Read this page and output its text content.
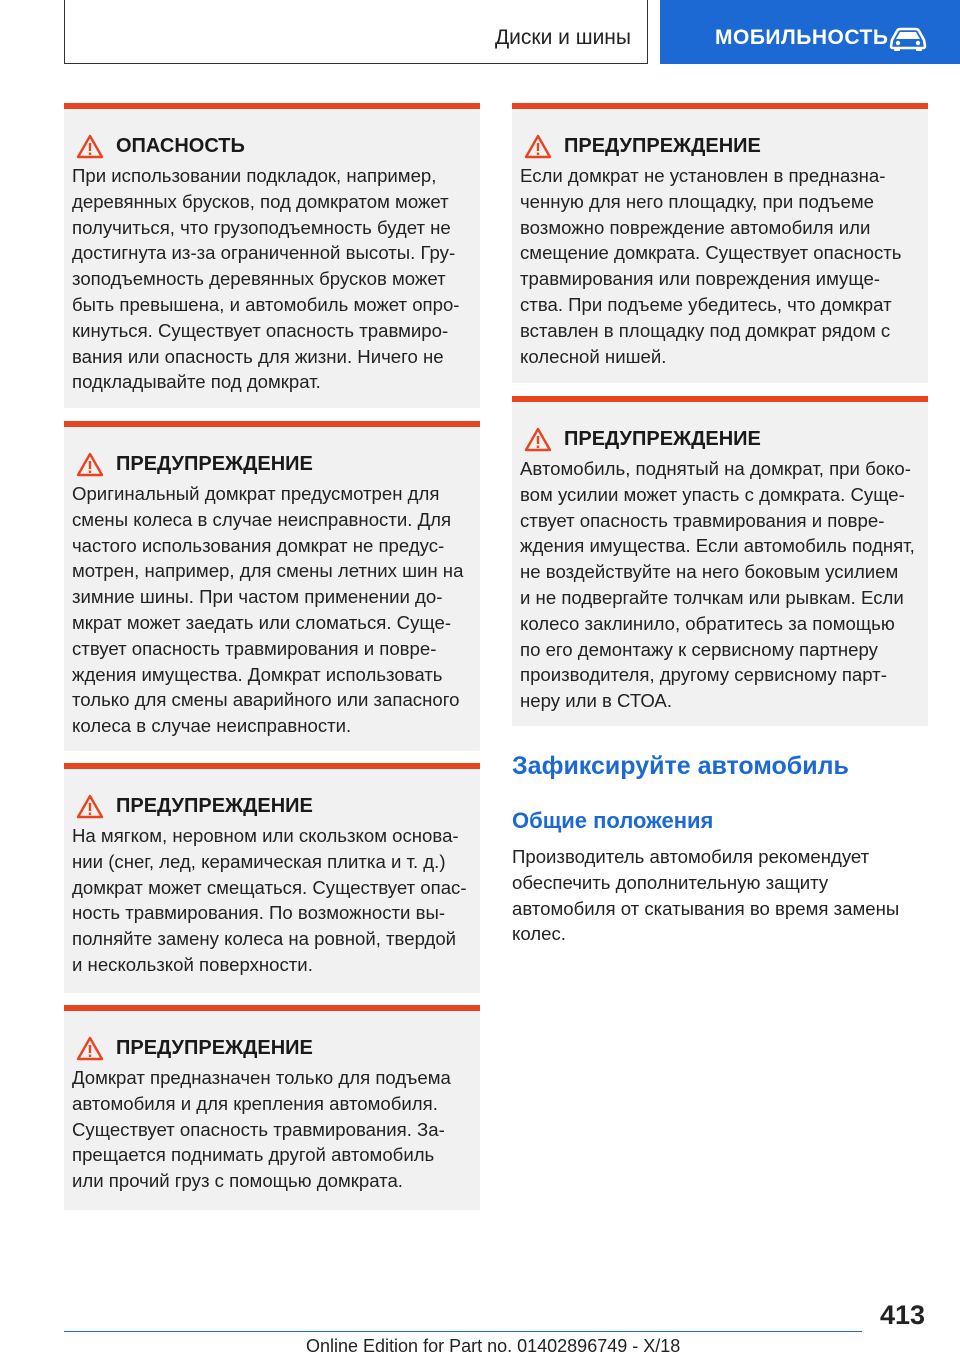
Диски и шины	МОБИЛЬНОСТЬ
ОПАСНОСТЬ
При использовании подкладок, например,
деревянных брусков, под домкратом может
получиться, что грузоподъемность будет не
достигнута из-за ограниченной высоты. Гру-
зоподъемность деревянных брусков может
быть превышена, и автомобиль может опро-
кинуться. Существует опасность травмиро-
вания или опасность для жизни. Ничего не
подкладывайте под домкрат.
ПРЕДУПРЕЖДЕНИЕ
Оригинальный домкрат предусмотрен для
смены колеса в случае неисправности. Для
частого использования домкрат не предус-
мотрен, например, для смены летних шин на
зимние шины. При частом применении до-
мкрат может заедать или сломаться. Суще-
ствует опасность травмирования и повре-
ждения имущества. Домкрат использовать
только для смены аварийного или запасного
колеса в случае неисправности.
ПРЕДУПРЕЖДЕНИЕ
На мягком, неровном или скользком основа-
нии (снег, лед, керамическая плитка и т. д.)
домкрат может смещаться. Существует опас-
ность травмирования. По возможности вы-
полняйте замену колеса на ровной, твердой
и нескользкой поверхности.
ПРЕДУПРЕЖДЕНИЕ
Домкрат предназначен только для подъема
автомобиля и для крепления автомобиля.
Существует опасность травмирования. За-
прещается поднимать другой автомобиль
или прочий груз с помощью домкрата.
ПРЕДУПРЕЖДЕНИЕ
Если домкрат не установлен в предназна-
ченную для него площадку, при подъеме
возможно повреждение автомобиля или
смещение домкрата. Существует опасность
травмирования или повреждения имуще-
ства. При подъеме убедитесь, что домкрат
вставлен в площадку под домкрат рядом с
колесной нишей.
ПРЕДУПРЕЖДЕНИЕ
Автомобиль, поднятый на домкрат, при боко-
вом усилии может упасть с домкрата. Суще-
ствует опасность травмирования и повре-
ждения имущества. Если автомобиль поднят,
не воздействуйте на него боковым усилием
и не подвергайте толчкам или рывкам. Если
колесо заклинило, обратитесь за помощью
по его демонтажу к сервисному партнеру
производителя, другому сервисному парт-
неру или в СТОА.
Зафиксируйте автомобиль
Общие положения
Производитель автомобиля рекомендует
обеспечить дополнительную защиту
автомобиля от скатывания во время замены
колес.
413
Online Edition for Part no. 01402896749 - X/18
